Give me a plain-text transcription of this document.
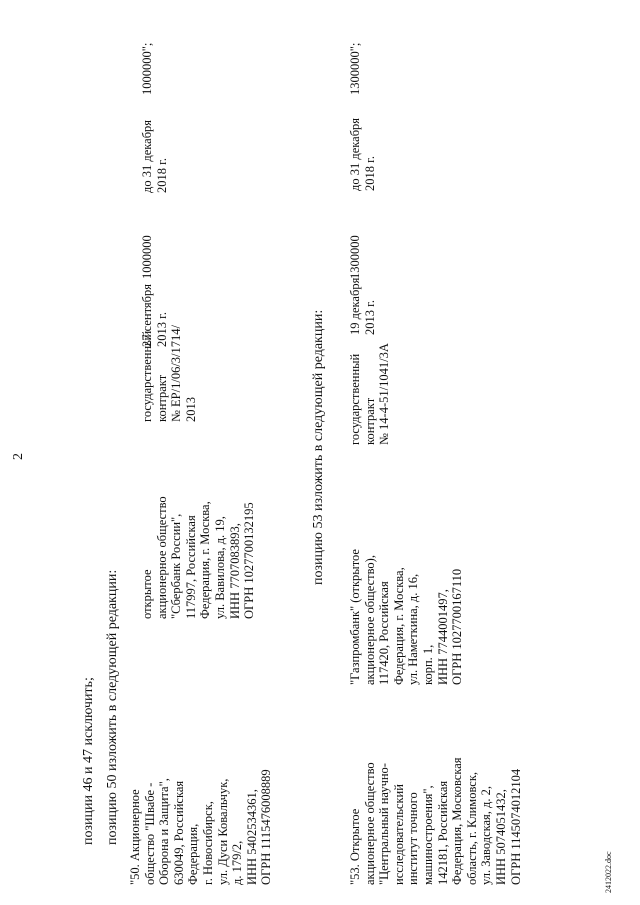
2
позиции 46 и 47 исключить; позицию 50 изложить в следующей редакции:
"50. Акционерное
общество "Швабе -
Оборона и Защита",
630049, Российская
Федерация,
г. Новосибирск,
ул. Дуси Ковальчук,
д. 179/2,
ИНН 5402534361,
ОГРН 1115476008889
открытое
акционерное общество
"Сбербанк России",
117997, Российская
Федерация, г. Москва,
ул. Вавилова, д. 19,
ИНН 7707083893,
ОГРН 1027700132195
государственный
контракт
№ ЕР/1/06/3/1714/
2013
27 сентября
2013 г.
1000000
до 31 декабря
2018 г.
1000000";
позицию 53 изложить в следующей редакции:
"53. Открытое
акционерное общество
"Центральный научно-
исследовательский
институт точного
машиностроения",
142181, Российская
Федерация, Московская
область, г. Климовск,
ул. Заводская, д. 2,
ИНН 5074051432,
ОГРН 1145074012104
"Газпромбанк" (открытое
акционерное общество),
117420, Российская
Федерация, г. Москва,
ул. Наметкина, д. 16,
корп. 1,
ИНН 7744001497,
ОГРН 1027700167110
государственный
контракт
№ 14-4-51/1041/3А
19 декабря
2013 г.
1300000
до 31 декабря
2018 г.
1300000";
2412022.doc
